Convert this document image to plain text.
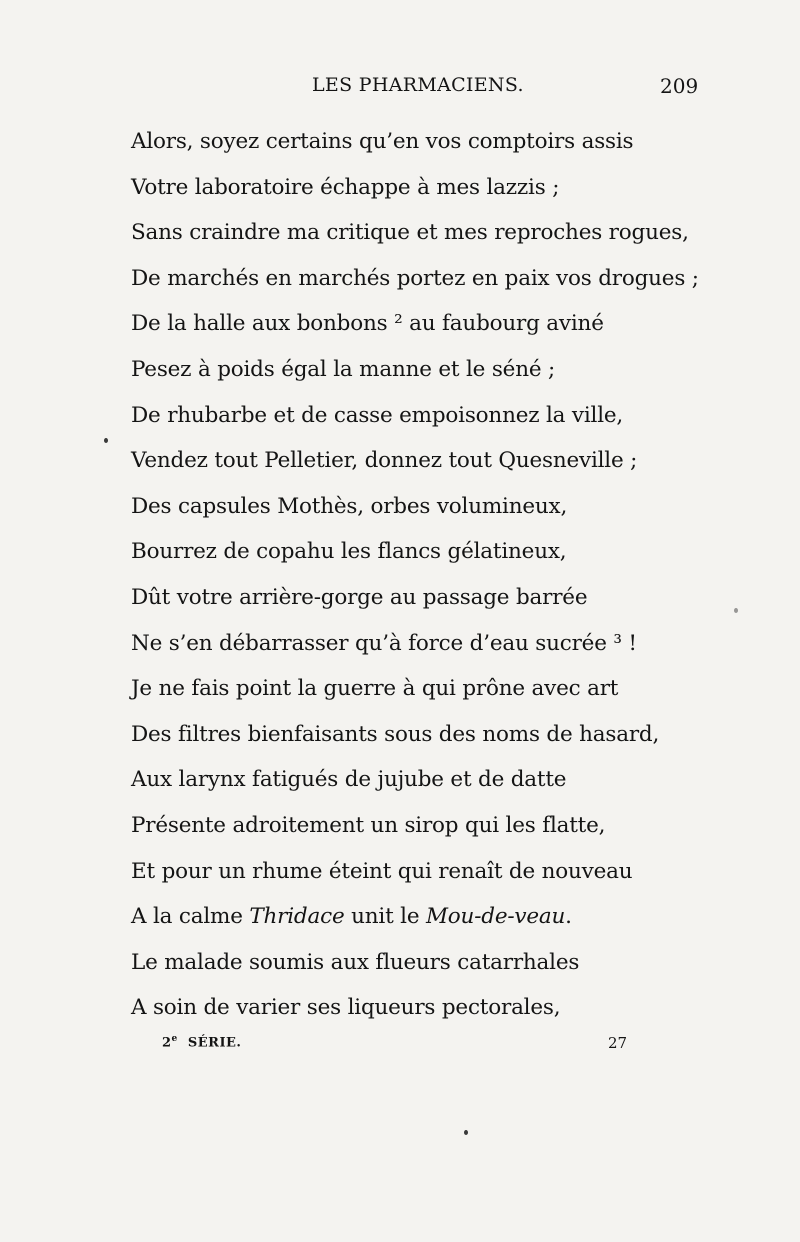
LES PHARMACIENS.	209
Alors, soyez certains qu’en vos comptoirs assis
Votre laboratoire échappe à mes lazzis ;
Sans craindre ma critique et mes reproches rogues,
De marchés en marchés portez en paix vos drogues ;
De la halle aux bonbons ² au faubourg aviné
Pesez à poids égal la manne et le séné ;
De rhubarbe et de casse empoisonnez la ville,
Vendez tout Pelletier, donnez tout Quesneville ;
Des capsules Mothès, orbes volumineux,
Bourrez de copahu les flancs gélatineux,
Dût votre arrière-gorge au passage barrée
Ne s’en débarrasser qu’à force d’eau sucrée ³ !
Je ne fais point la guerre à qui prône avec art
Des filtres bienfaisants sous des noms de hasard,
Aux larynx fatigués de jujube et de datte
Présente adroitement un sirop qui les flatte,
Et pour un rhume éteint qui renaît de nouveau
A la calme Thridace unit le Mou-de-veau.
Le malade soumis aux flueurs catarrhales
A soin de varier ses liqueurs pectorales,
2e SÉRIE.	27
